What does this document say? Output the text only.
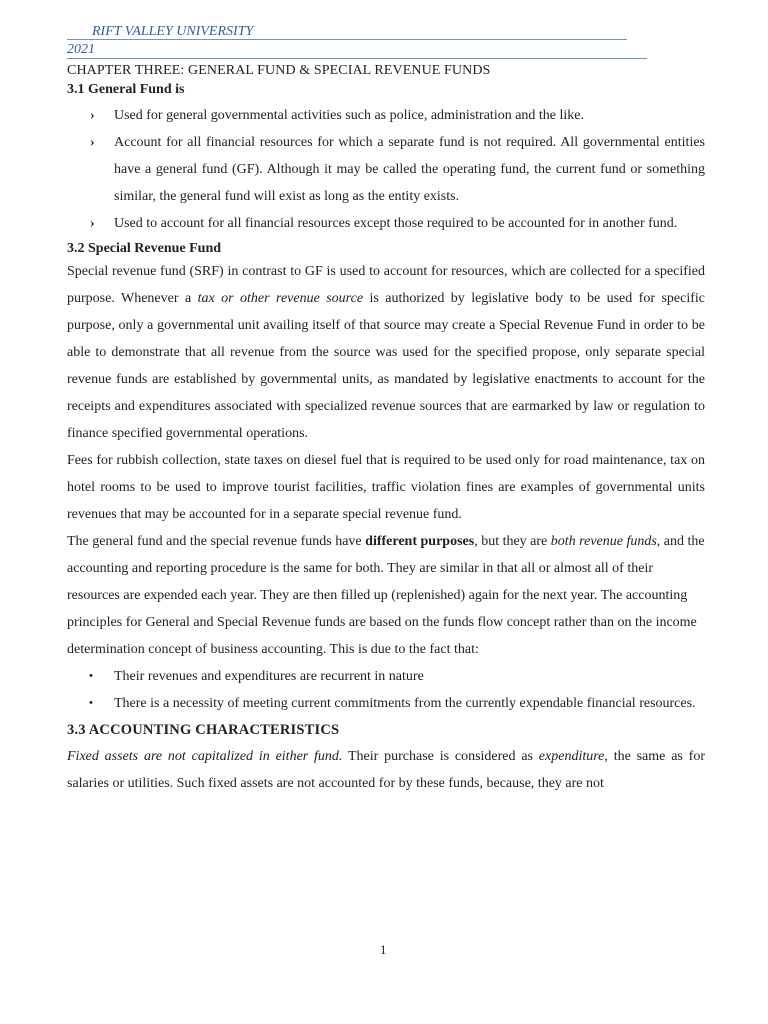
RIFT VALLEY UNIVERSITY
2021
CHAPTER THREE: GENERAL FUND & SPECIAL REVENUE FUNDS
3.1 General Fund is
› Used for general governmental activities such as police, administration and the like.
› Account for all financial resources for which a separate fund is not required. All governmental entities have a general fund (GF). Although it may be called the operating fund, the current fund or something similar, the general fund will exist as long as the entity exists.
› Used to account for all financial resources except those required to be accounted for in another fund.
3.2 Special Revenue Fund

Special revenue fund (SRF) in contrast to GF is used to account for resources, which are collected for a specified purpose. Whenever a tax or other revenue source is authorized by legislative body to be used for specific purpose, only a governmental unit availing itself of that source may create a Special Revenue Fund in order to be able to demonstrate that all revenue from the source was used for the specified propose, only separate special revenue funds are established by governmental units, as mandated by legislative enactments to account for the receipts and expenditures associated with specialized revenue sources that are earmarked by law or regulation to finance specified governmental operations.

Fees for rubbish collection, state taxes on diesel fuel that is required to be used only for road maintenance, tax on hotel rooms to be used to improve tourist facilities, traffic violation fines are examples of governmental units revenues that may be accounted for in a separate special revenue fund.

The general fund and the special revenue funds have different purposes, but they are both revenue funds, and the accounting and reporting procedure is the same for both. They are similar in that all or almost all of their resources are expended each year. They are then filled up (replenished) again for the next year. The accounting principles for General and Special Revenue funds are based on the funds flow concept rather than on the income determination concept of business accounting. This is due to the fact that:

• Their revenues and expenditures are recurrent in nature
• There is a necessity of meeting current commitments from the currently expendable financial resources.
3.3 ACCOUNTING CHARACTERISTICS

Fixed assets are not capitalized in either fund. Their purchase is considered as expenditure, the same as for salaries or utilities. Such fixed assets are not accounted for by these funds, because, they are not

1
